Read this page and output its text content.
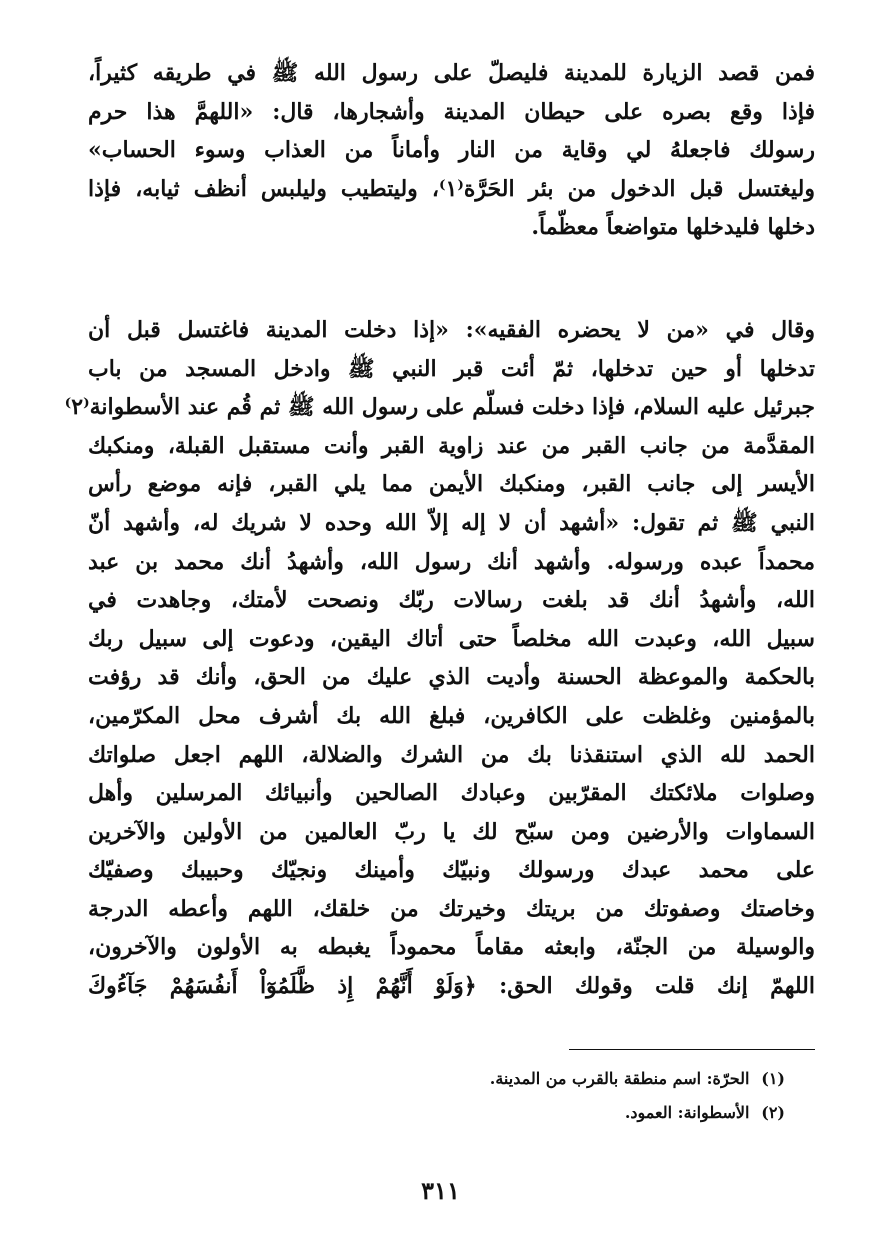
فمن قصد الزيارة للمدينة فليصلّ على رسول الله ﷺ في طريقه كثيراً،
فإذا وقع بصره على حيطان المدينة وأشجارها، قال: «اللهمَّ هذا حرم
رسولك فاجعلهُ لي وقاية من النار وأماناً من العذاب وسوء الحساب»
وليغتسل قبل الدخول من بئر الحَرَّة⁽١⁾، وليتطيب وليلبس أنظف ثيابه، فإذا
دخلها فليدخلها متواضعاً معظّماً.
وقال في «من لا يحضره الفقيه»: «إذا دخلت المدينة فاغتسل قبل أن
تدخلها أو حين تدخلها، ثمّ أئت قبر النبي ﷺ وادخل المسجد من باب
جبرئيل عليه السلام، فإذا دخلت فسلّم على رسول الله ﷺ ثم قُم عند الأسطوانة⁽٢⁾
المقدَّمة من جانب القبر من عند زاوية القبر وأنت مستقبل القبلة، ومنكبك
الأيسر إلى جانب القبر، ومنكبك الأيمن مما يلي القبر، فإنه موضع رأس
النبي ﷺ ثم تقول: «أشهد أن لا إله إلاّ الله وحده لا شريك له، وأشهد أنّ
محمداً عبده ورسوله. وأشهد أنك رسول الله، وأشهدُ أنك محمد بن عبد
الله، وأشهدُ أنك قد بلغت رسالات ربّك ونصحت لأمتك، وجاهدت في
سبيل الله، وعبدت الله مخلصاً حتى أتاك اليقين، ودعوت إلى سبيل ربك
بالحكمة والموعظة الحسنة وأديت الذي عليك من الحق، وأنك قد رؤفت
بالمؤمنين وغلظت على الكافرين، فبلغ الله بك أشرف محل المكرّمين،
الحمد لله الذي استنقذنا بك من الشرك والضلالة، اللهم اجعل صلواتك
وصلوات ملائكتك المقرّبين وعبادك الصالحين وأنبيائك المرسلين وأهل
السماوات والأرضين ومن سبّح لك يا ربّ العالمين من الأولين والآخرين
على محمد عبدك ورسولك ونبيّك وأمينك ونجيّك وحبيبك وصفيّك
وخاصتك وصفوتك من بريتك وخيرتك من خلقك، اللهم وأعطه الدرجة
والوسيلة من الجنّة، وابعثه مقاماً محموداً يغبطه به الأولون والآخرون،
اللهمّ إنك قلت وقولك الحق: ﴿وَلَوْ أَنَّهُمْ إِذ ظَّلَمُوٓاْ أَنفُسَهُمْ جَآءُوكَ
(١) الحرّة: اسم منطقة بالقرب من المدينة.
(٢) الأسطوانة: العمود.
٣١١
